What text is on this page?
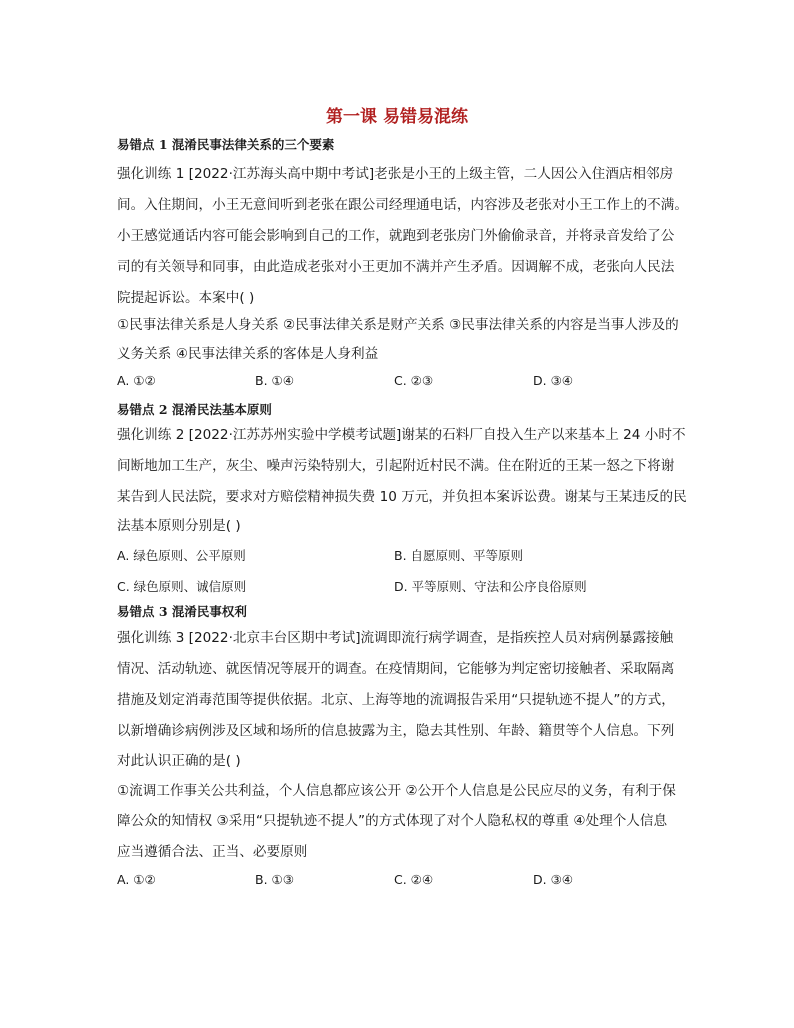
第一课 易错易混练
易错点 1 混淆民事法律关系的三个要素
强化训练 1 [2022·江苏海头高中期中考试]老张是小王的上级主管，二人因公入住酒店相邻房
间。入住期间，小王无意间听到老张在跟公司经理通电话，内容涉及老张对小王工作上的不满。
小王感觉通话内容可能会影响到自己的工作，就跑到老张房门外偷偷录音，并将录音发给了公
司的有关领导和同事，由此造成老张对小王更加不满并产生矛盾。因调解不成，老张向人民法
院提起诉讼。本案中( )
①民事法律关系是人身关系 ②民事法律关系是财产关系 ③民事法律关系的内容是当事人涉及的
义务关系 ④民事法律关系的客体是人身利益
A. ①②	B. ①④	C. ②③	D. ③④
易错点 2 混淆民法基本原则
强化训练 2 [2022·江苏苏州实验中学模考试题]谢某的石料厂自投入生产以来基本上 24 小时不
间断地加工生产，灰尘、噪声污染特别大，引起附近村民不满。住在附近的王某一怒之下将谢
某告到人民法院，要求对方赔偿精神损失费 10 万元，并负担本案诉讼费。谢某与王某违反的民
法基本原则分别是( )
A. 绿色原则、公平原则	B. 自愿原则、平等原则
C. 绿色原则、诚信原则	D. 平等原则、守法和公序良俗原则
易错点 3 混淆民事权利
强化训练 3 [2022·北京丰台区期中考试]流调即流行病学调查，是指疾控人员对病例暴露接触
情况、活动轨迹、就医情况等展开的调查。在疫情期间，它能够为判定密切接触者、采取隔离
措施及划定消毒范围等提供依据。北京、上海等地的流调报告采用“只提轨迹不提人”的方式，
以新增确诊病例涉及区域和场所的信息披露为主，隐去其性别、年龄、籍贯等个人信息。下列
对此认识正确的是( )
①流调工作事关公共利益，个人信息都应该公开 ②公开个人信息是公民应尽的义务，有利于保
障公众的知情权 ③采用“只提轨迹不提人”的方式体现了对个人隐私权的尊重 ④处理个人信息
应当遵循合法、正当、必要原则
A. ①②	B. ①③	C. ②④	D. ③④
